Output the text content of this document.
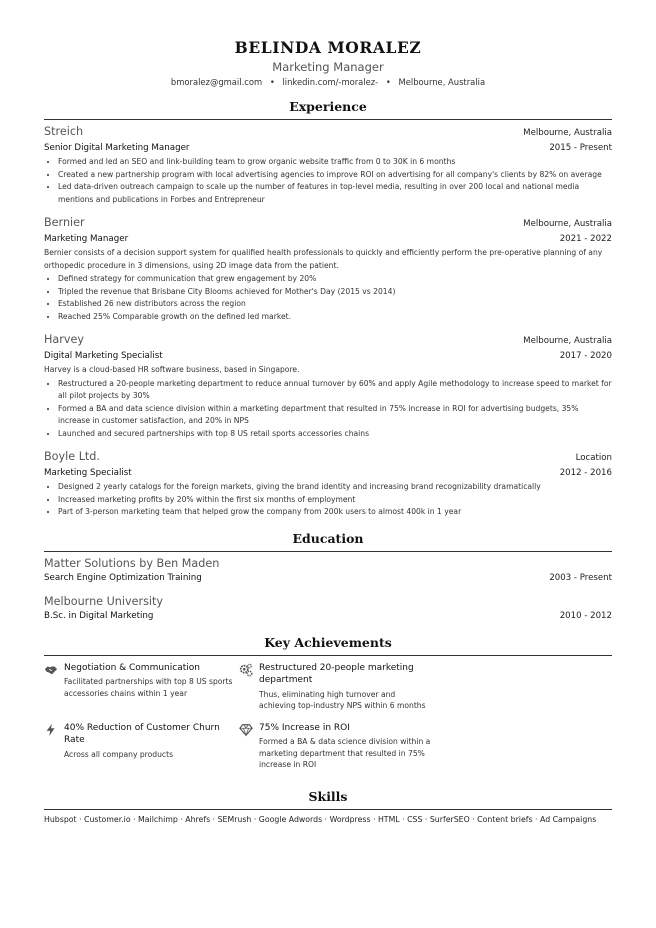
BELINDA MORALEZ
Marketing Manager
bmoralez@gmail.com • linkedin.com/-moralez- • Melbourne, Australia
Experience
Streich	Melbourne, Australia
Senior Digital Marketing Manager	2015 - Present
• Formed and led an SEO and link-building team to grow organic website traffic from 0 to 30K in 6 months
• Created a new partnership program with local advertising agencies to improve ROI on advertising for all company's clients by 82% on average
• Led data-driven outreach campaign to scale up the number of features in top-level media, resulting in over 200 local and national media mentions and publications in Forbes and Entrepreneur
Bernier	Melbourne, Australia
Marketing Manager	2021 - 2022

Bernier consists of a decision support system for qualified health professionals to quickly and efficiently perform the pre-operative planning of any orthopedic procedure in 3 dimensions, using 2D image data from the patient.

• Defined strategy for communication that grew engagement by 20%
• Tripled the revenue that Brisbane City Blooms achieved for Mother's Day (2015 vs 2014)
• Established 26 new distributors across the region
• Reached 25% Comparable growth on the defined led market.
Harvey	Melbourne, Australia
Digital Marketing Specialist	2017 - 2020

Harvey is a cloud-based HR software business, based in Singapore.

• Restructured a 20-people marketing department to reduce annual turnover by 60% and apply Agile methodology to increase speed to market for all pilot projects by 30%
• Formed a BA and data science division within a marketing department that resulted in 75% increase in ROI for advertising budgets, 35% increase in customer satisfaction, and 20% in NPS
• Launched and secured partnerships with top 8 US retail sports accessories chains
Boyle Ltd.	Location
Marketing Specialist	2012 - 2016
• Designed 2 yearly catalogs for the foreign markets, giving the brand identity and increasing brand recognizability dramatically
• Increased marketing profits by 20% within the first six months of employment
• Part of 3-person marketing team that helped grow the company from 200k users to almost 400k in 1 year
Education
Matter Solutions by Ben Maden
Search Engine Optimization Training	2003 - Present
Melbourne University
B.Sc. in Digital Marketing	2010 - 2012
Key Achievements
Negotiation & Communication
Facilitated partnerships with top 8 US sports accessories chains within 1 year
Restructured 20-people marketing department
Thus, eliminating high turnover and achieving top-industry NPS within 6 months
40% Reduction of Customer Churn Rate
Across all company products
75% Increase in ROI
Formed a BA & data science division within a marketing department that resulted in 75% increase in ROI
Skills
Hubspot · Customer.io · Mailchimp · Ahrefs · SEMrush · Google Adwords · Wordpress · HTML · CSS · SurferSEO · Content briefs · Ad Campaigns
